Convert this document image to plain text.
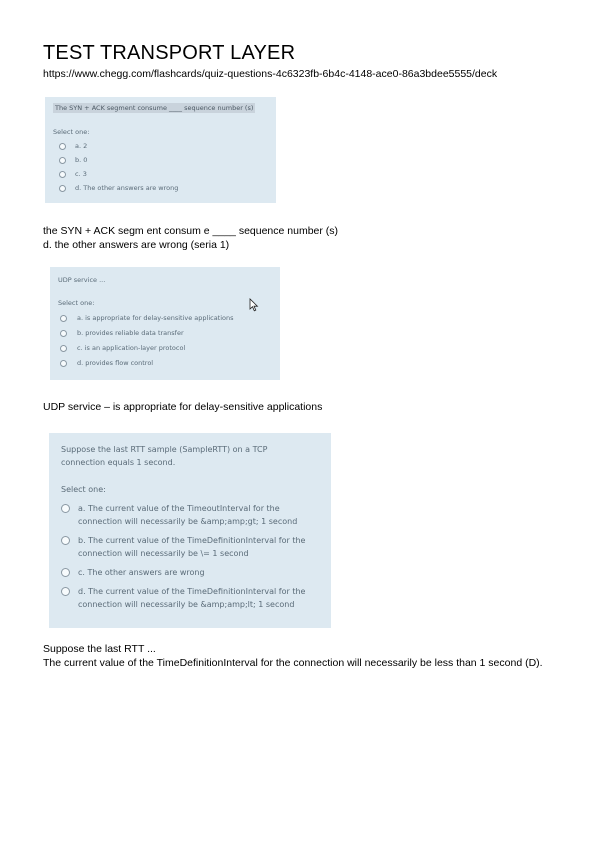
TEST TRANSPORT LAYER
https://www.chegg.com/flashcards/quiz-questions-4c6323fb-6b4c-4148-ace0-86a3bdee5555/deck
The SYN + ACK segment consume ____ sequence number (s)
Select one:
a. 2
b. 0
c. 3
d. The other answers are wrong
the SYN + ACK segm ent consum e ____ sequence number (s)
d. the other answers are wrong (seria 1)
UDP service ...
Select one:
a. is appropriate for delay-sensitive applications
b. provides reliable data transfer
c. is an application-layer protocol
d. provides flow control
UDP service – is appropriate for delay-sensitive applications
Suppose the last RTT sample (SampleRTT) on a TCP
connection equals 1 second.
Select one:
a. The current value of the TimeoutInterval for the connection will necessarily be &amp;amp;gt; 1 second
b. The current value of the TimeDefinitionInterval for the connection will necessarily be \= 1 second
c. The other answers are wrong
d. The current value of the TimeDefinitionInterval for the connection will necessarily be &amp;amp;lt; 1 second
Suppose the last RTT ...
The current value of the TimeDefinitionInterval for the connection will necessarily be less than 1 second (D).
